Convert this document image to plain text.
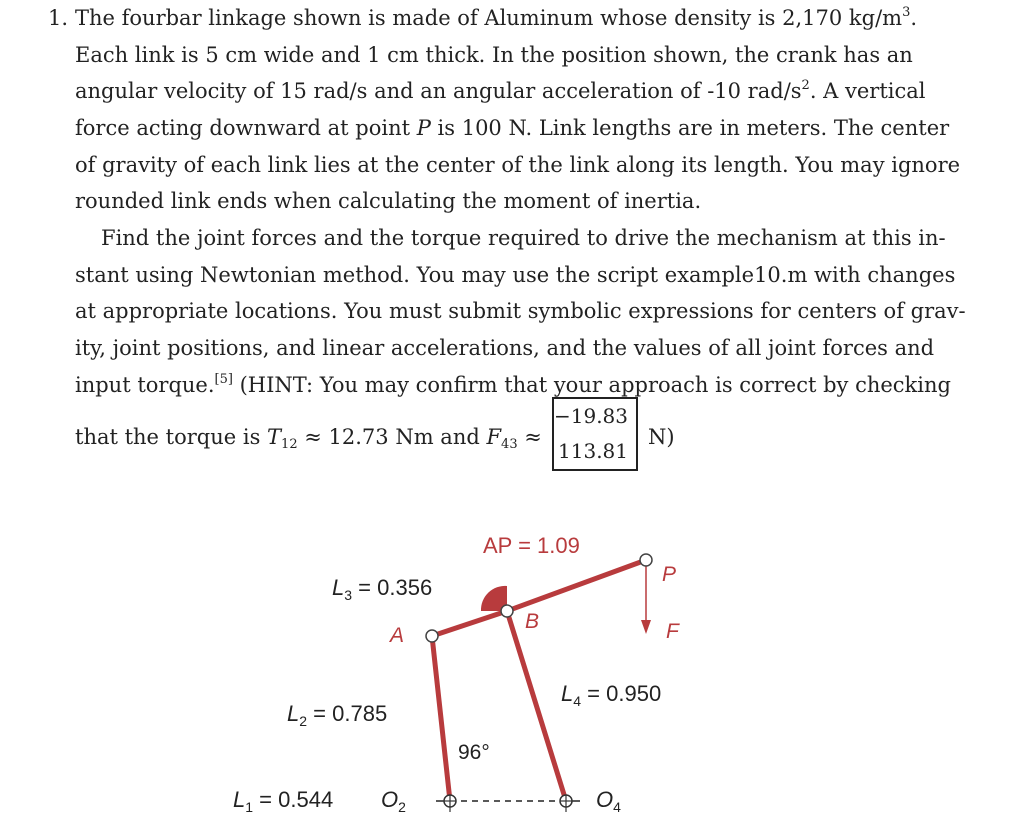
1. The fourbar linkage shown is made of Aluminum whose density is 2,170 $kg/m^3$.
Each link is 5 cm wide and 1 cm thick. In the position shown, the crank has an
angular velocity of 15 rad/s and an angular acceleration of -10 rad/$s^2$. A vertical
force acting downward at point P is 100 N. Link lengths are in meters. The center
of gravity of each link lies at the center of the link along its length. You may ignore
rounded link ends when calculating the moment of inertia.
Find the joint forces and the torque required to drive the mechanism at this in-
stant using Newtonian method. You may use the script example10.m with changes
at appropriate locations. You must submit symbolic expressions for centers of grav-
ity, joint positions, and linear accelerations, and the values of all joint forces and
input torque.[5] (HINT: You may confirm that your approach is correct by checking
that the torque is $T_{12} \approx 12.73$ Nm and $F_{43}$ ≈
−19.83
113.81
N)
AP = 1.09
$L_3 = 0.356$
A
B
P
F
$L_4 = 0.950$
$L_2 = 0.785$
96°
$L_1 = 0.544$ $O_2$	$O_4$
